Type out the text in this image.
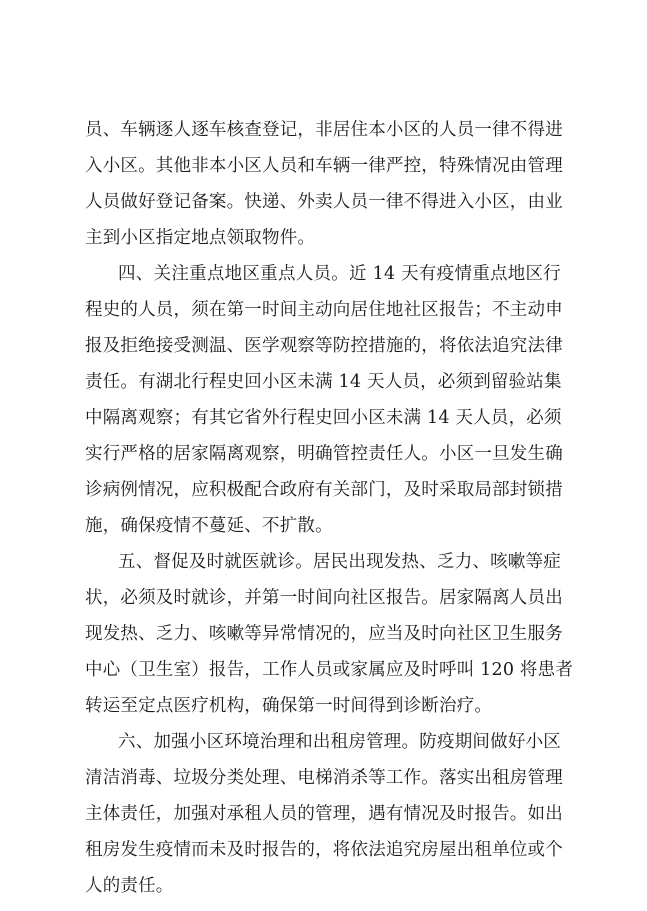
员、车辆逐人逐车核查登记，非居住本小区的人员一律不得进
入小区。其他非本小区人员和车辆一律严控，特殊情况由管理
人员做好登记备案。快递、外卖人员一律不得进入小区，由业
主到小区指定地点领取物件。
四、关注重点地区重点人员。近 14 天有疫情重点地区行
程史的人员，须在第一时间主动向居住地社区报告；不主动申
报及拒绝接受测温、医学观察等防控措施的，将依法追究法律
责任。有湖北行程史回小区未满 14 天人员，必须到留验站集
中隔离观察；有其它省外行程史回小区未满 14 天人员，必须
实行严格的居家隔离观察，明确管控责任人。小区一旦发生确
诊病例情况，应积极配合政府有关部门，及时采取局部封锁措
施，确保疫情不蔓延、不扩散。
五、督促及时就医就诊。居民出现发热、乏力、咳嗽等症
状，必须及时就诊，并第一时间向社区报告。居家隔离人员出
现发热、乏力、咳嗽等异常情况的，应当及时向社区卫生服务
中心（卫生室）报告，工作人员或家属应及时呼叫 120 将患者
转运至定点医疗机构，确保第一时间得到诊断治疗。
六、加强小区环境治理和出租房管理。防疫期间做好小区
清洁消毒、垃圾分类处理、电梯消杀等工作。落实出租房管理
主体责任，加强对承租人员的管理，遇有情况及时报告。如出
租房发生疫情而未及时报告的，将依法追究房屋出租单位或个
人的责任。
